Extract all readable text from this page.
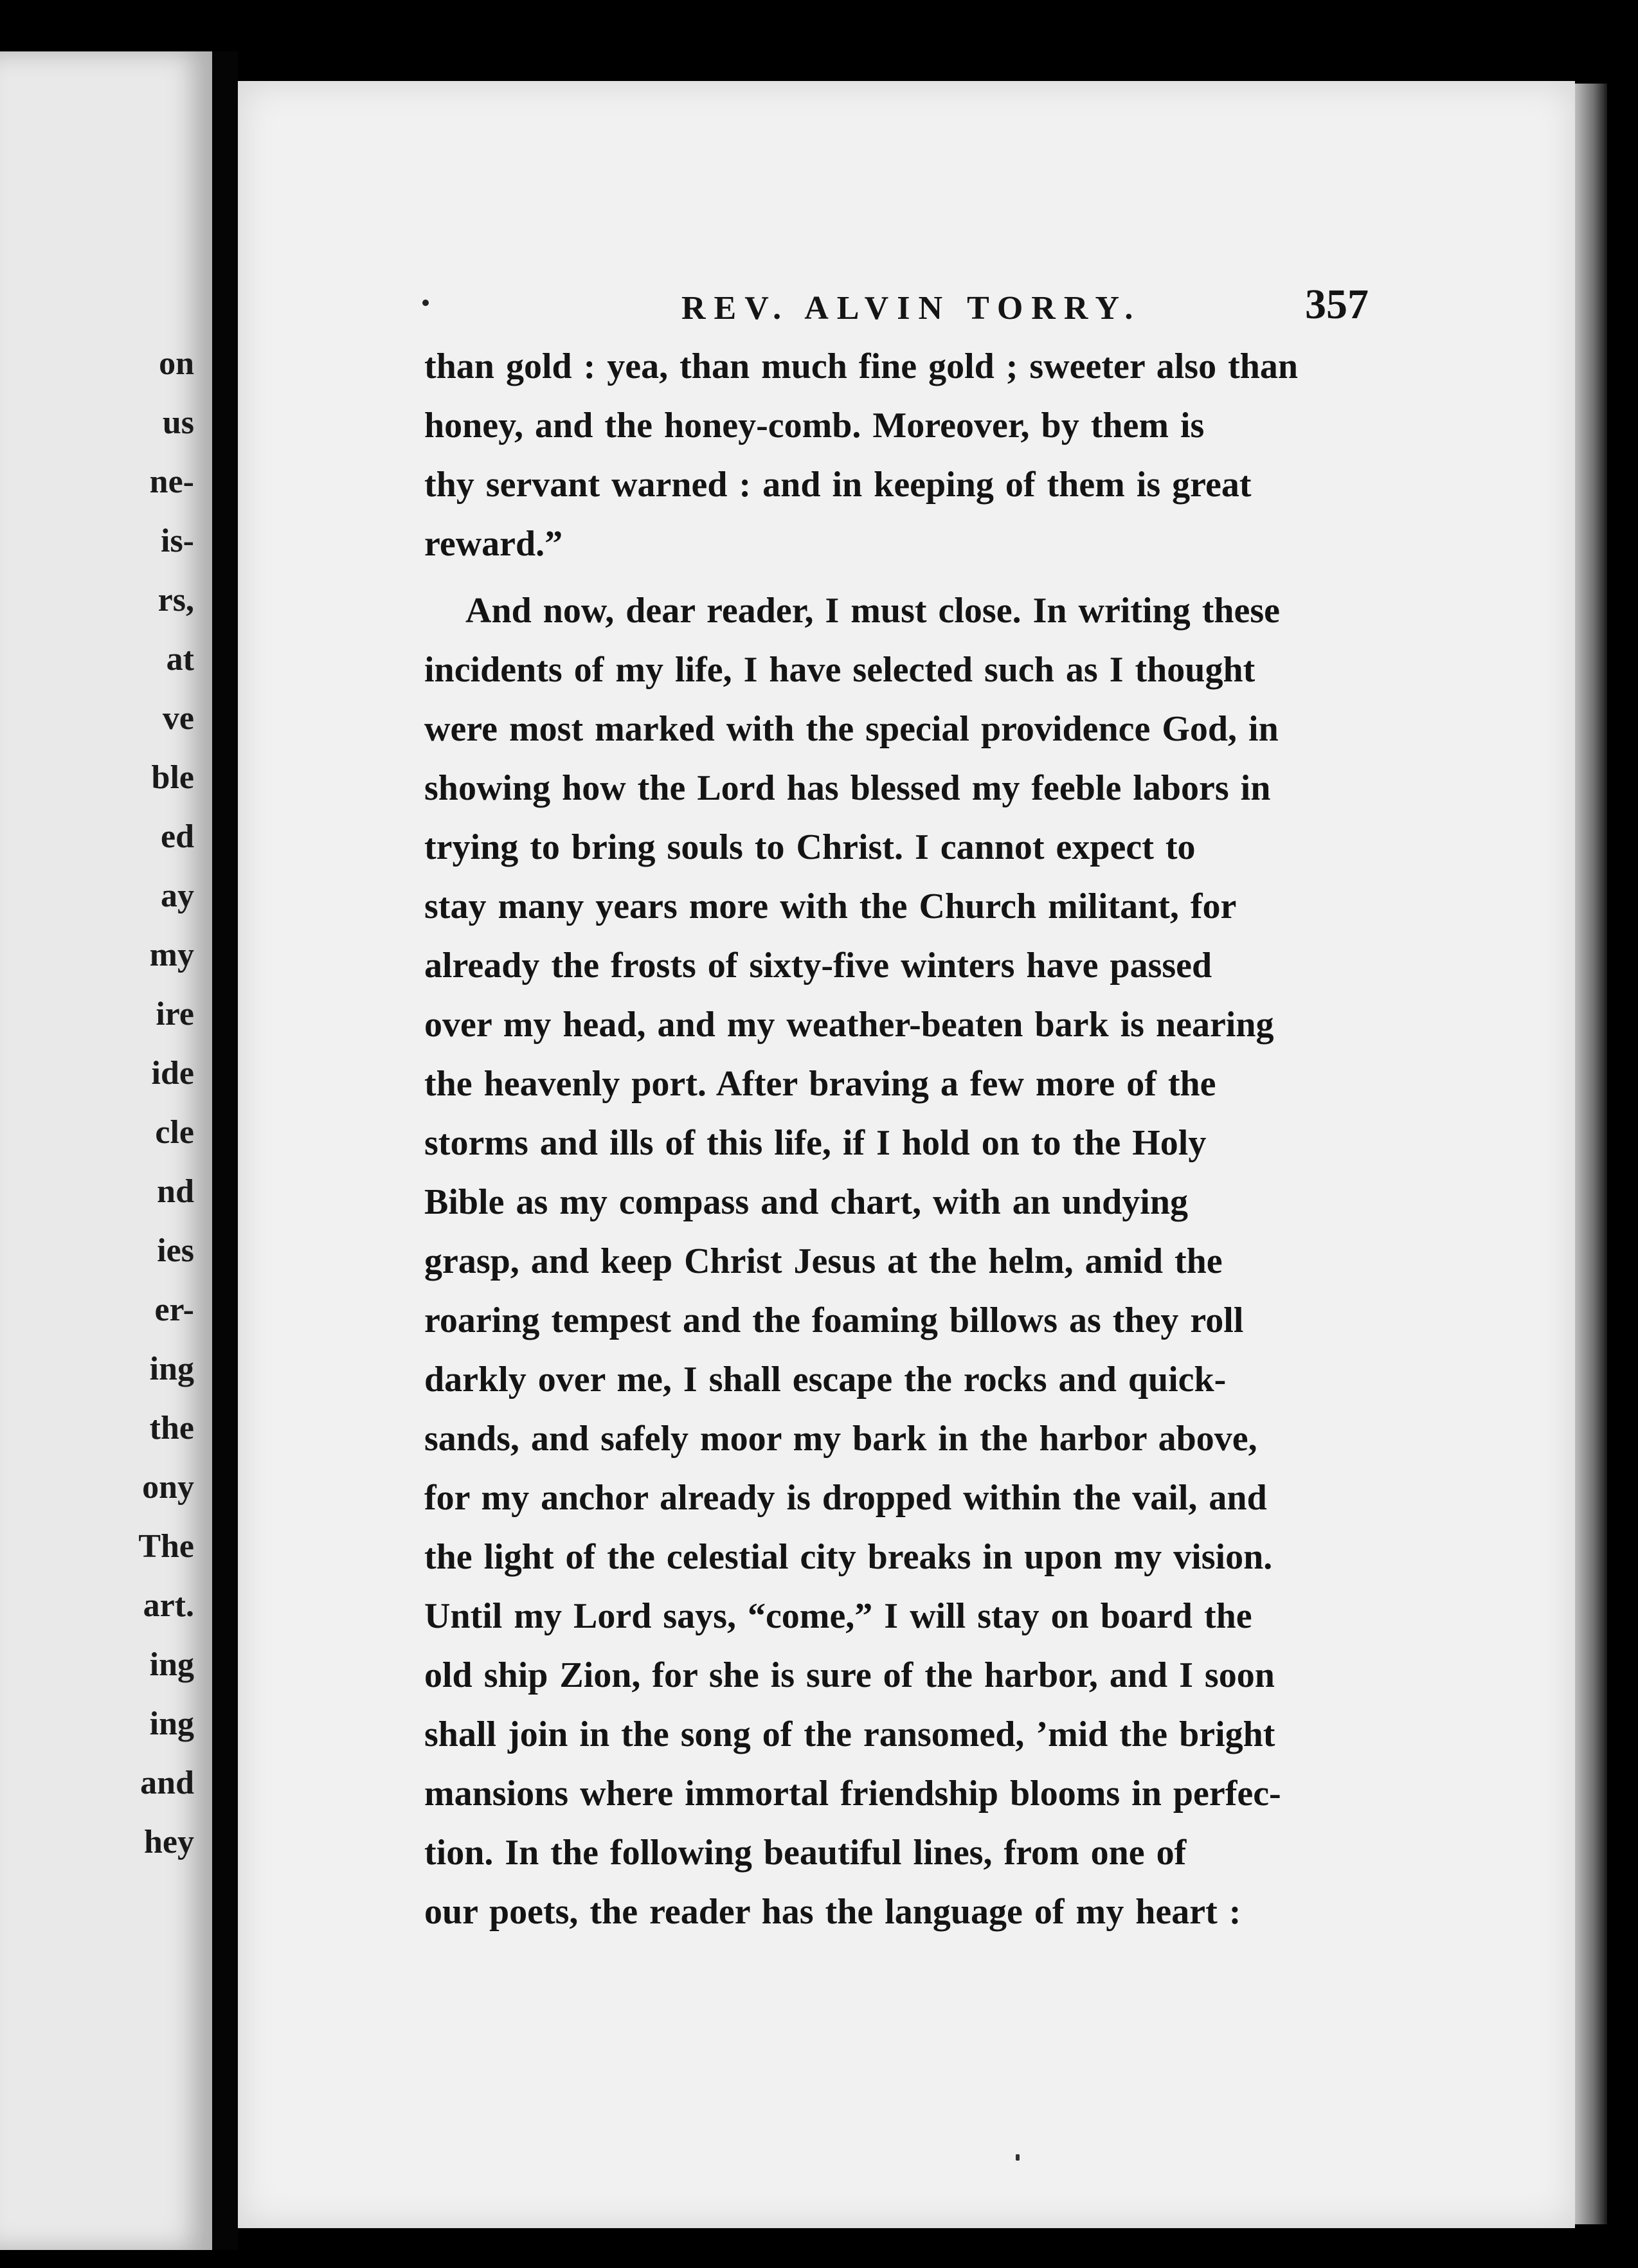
on
us
ne-
is-
rs,
at
ve
ble
ed
ay
my
ire
ide
cle
nd
ies
er-
ing
the
ony
The
art.
ing
ing
and
hey
REV. ALVIN TORRY.	357
than gold : yea, than much fine gold ; sweeter also than
honey, and the honey-comb. Moreover, by them is
thy servant warned : and in keeping of them is great
reward.”
And now, dear reader, I must close. In writing these
incidents of my life, I have selected such as I thought
were most marked with the special providence God, in
showing how the Lord has blessed my feeble labors in
trying to bring souls to Christ. I cannot expect to
stay many years more with the Church militant, for
already the frosts of sixty-five winters have passed
over my head, and my weather-beaten bark is nearing
the heavenly port. After braving a few more of the
storms and ills of this life, if I hold on to the Holy
Bible as my compass and chart, with an undying
grasp, and keep Christ Jesus at the helm, amid the
roaring tempest and the foaming billows as they roll
darkly over me, I shall escape the rocks and quick-
sands, and safely moor my bark in the harbor above,
for my anchor already is dropped within the vail, and
the light of the celestial city breaks in upon my vision.
Until my Lord says, “come,” I will stay on board the
old ship Zion, for she is sure of the harbor, and I soon
shall join in the song of the ransomed, ’mid the bright
mansions where immortal friendship blooms in perfec-
tion. In the following beautiful lines, from one of
our poets, the reader has the language of my heart :
